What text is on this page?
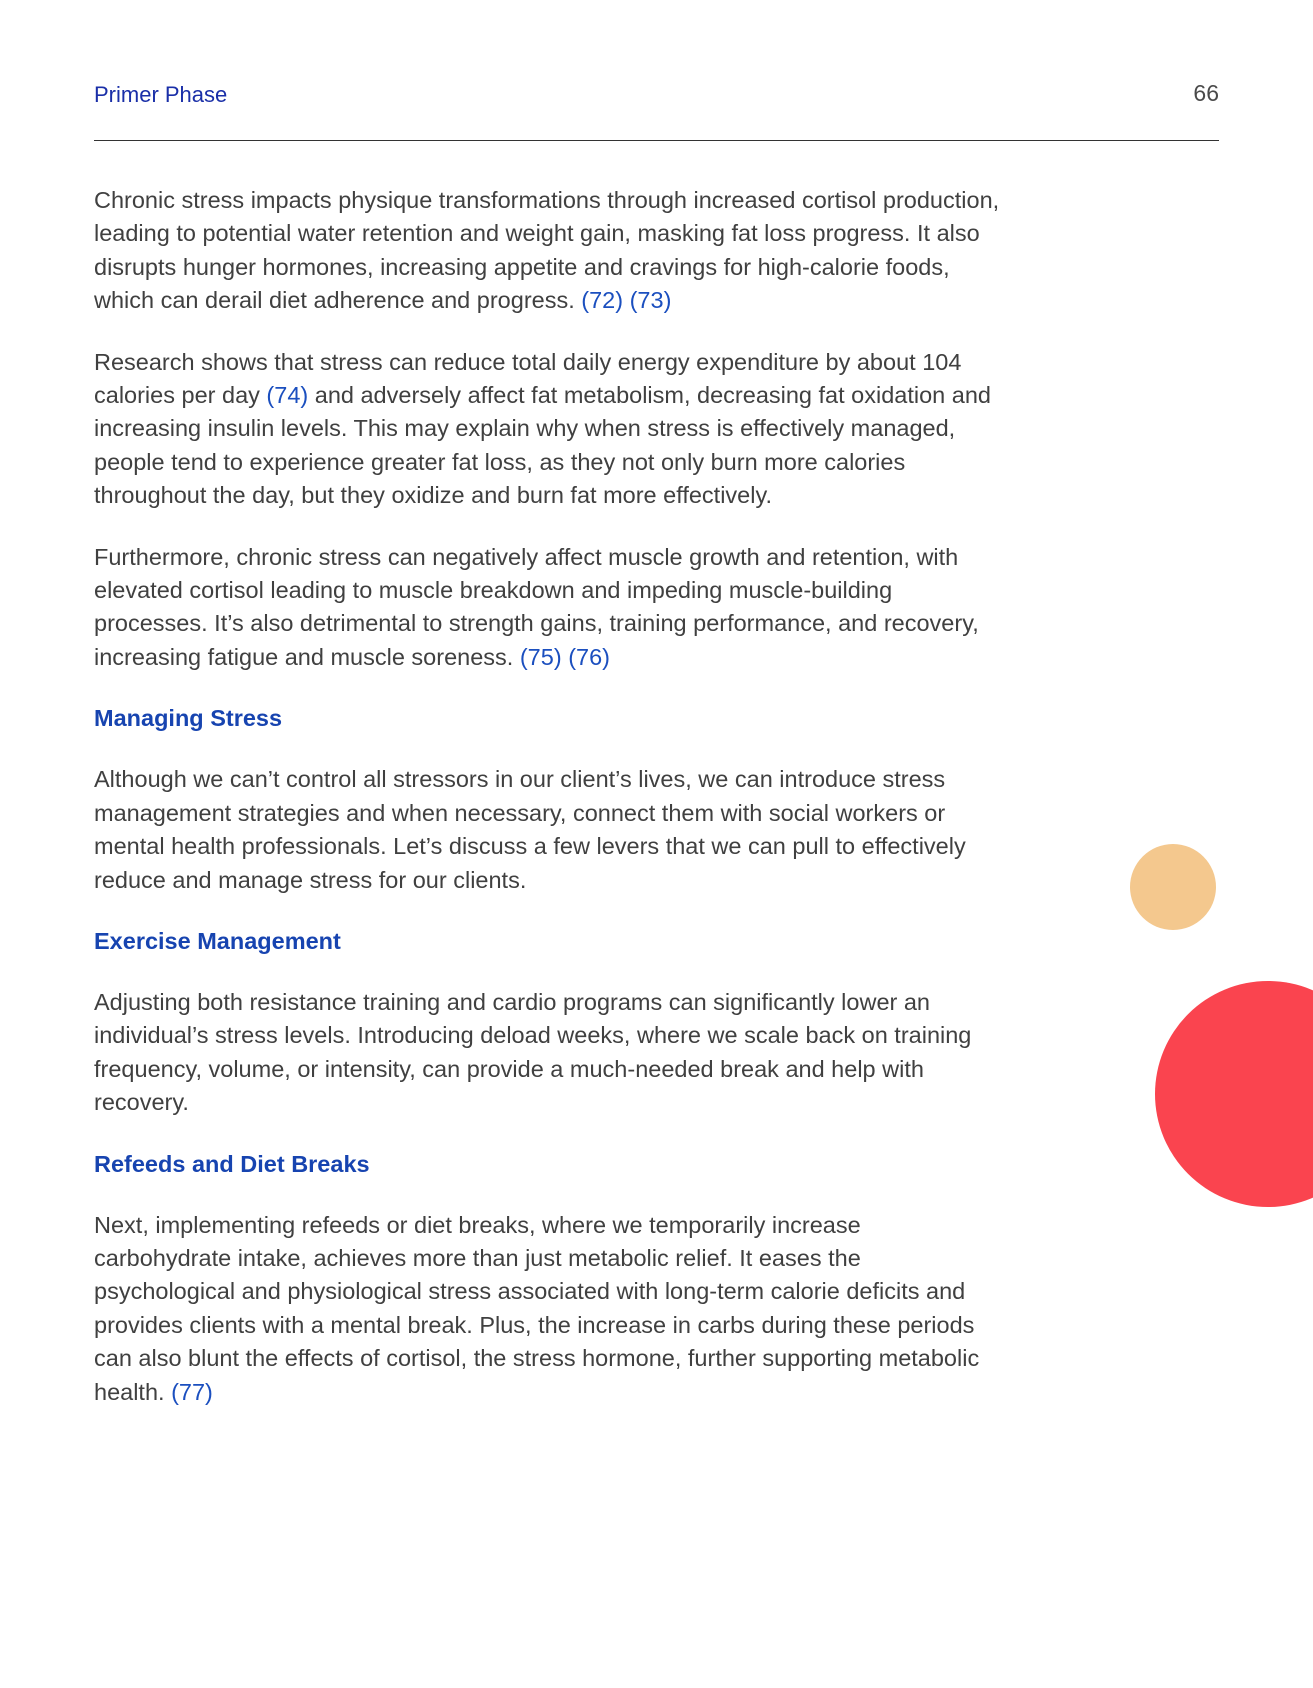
Primer Phase	66

Chronic stress impacts physique transformations through increased cortisol production, leading to potential water retention and weight gain, masking fat loss progress. It also disrupts hunger hormones, increasing appetite and cravings for high-calorie foods, which can derail diet adherence and progress. (72) (73)

Research shows that stress can reduce total daily energy expenditure by about 104 calories per day (74) and adversely affect fat metabolism, decreasing fat oxidation and increasing insulin levels. This may explain why when stress is effectively managed, people tend to experience greater fat loss, as they not only burn more calories throughout the day, but they oxidize and burn fat more effectively.

Furthermore, chronic stress can negatively affect muscle growth and retention, with elevated cortisol leading to muscle breakdown and impeding muscle-building processes. It’s also detrimental to strength gains, training performance, and recovery, increasing fatigue and muscle soreness. (75) (76)

Managing Stress

Although we can’t control all stressors in our client’s lives, we can introduce stress management strategies and when necessary, connect them with social workers or mental health professionals. Let’s discuss a few levers that we can pull to effectively reduce and manage stress for our clients.

Exercise Management

Adjusting both resistance training and cardio programs can significantly lower an individual’s stress levels. Introducing deload weeks, where we scale back on training frequency, volume, or intensity, can provide a much-needed break and help with recovery.

Refeeds and Diet Breaks

Next, implementing refeeds or diet breaks, where we temporarily increase carbohydrate intake, achieves more than just metabolic relief. It eases the psychological and physiological stress associated with long-term calorie deficits and provides clients with a mental break. Plus, the increase in carbs during these periods can also blunt the effects of cortisol, the stress hormone, further supporting metabolic health. (77)
